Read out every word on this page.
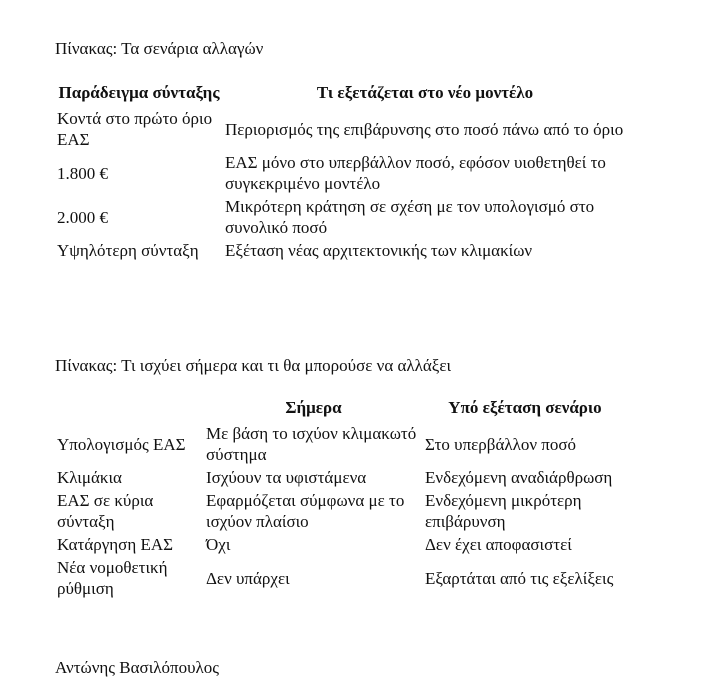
Πίνακας: Τα σενάρια αλλαγών
Παράδειγμα σύνταξης	Τι εξετάζεται στο νέο μοντέλο
Κοντά στο πρώτο όριο ΕΑΣ	Περιορισμός της επιβάρυνσης στο ποσό πάνω από το όριο
1.800 €	ΕΑΣ μόνο στο υπερβάλλον ποσό, εφόσον υιοθετηθεί το συγκεκριμένο μοντέλο
2.000 €	Μικρότερη κράτηση σε σχέση με τον υπολογισμό στο συνολικό ποσό
Υψηλότερη σύνταξη	Εξέταση νέας αρχιτεκτονικής των κλιμακίων
Πίνακας: Τι ισχύει σήμερα και τι θα μπορούσε να αλλάξει
	Σήμερα	Υπό εξέταση σενάριο
Υπολογισμός ΕΑΣ	Με βάση το ισχύον κλιμακωτό σύστημα	Στο υπερβάλλον ποσό
Κλιμάκια	Ισχύουν τα υφιστάμενα	Ενδεχόμενη αναδιάρθρωση
ΕΑΣ σε κύρια σύνταξη	Εφαρμόζεται σύμφωνα με το ισχύον πλαίσιο	Ενδεχόμενη μικρότερη επιβάρυνση
Κατάργηση ΕΑΣ	Όχι	Δεν έχει αποφασιστεί
Νέα νομοθετική ρύθμιση	Δεν υπάρχει	Εξαρτάται από τις εξελίξεις
Αντώνης Βασιλόπουλος
